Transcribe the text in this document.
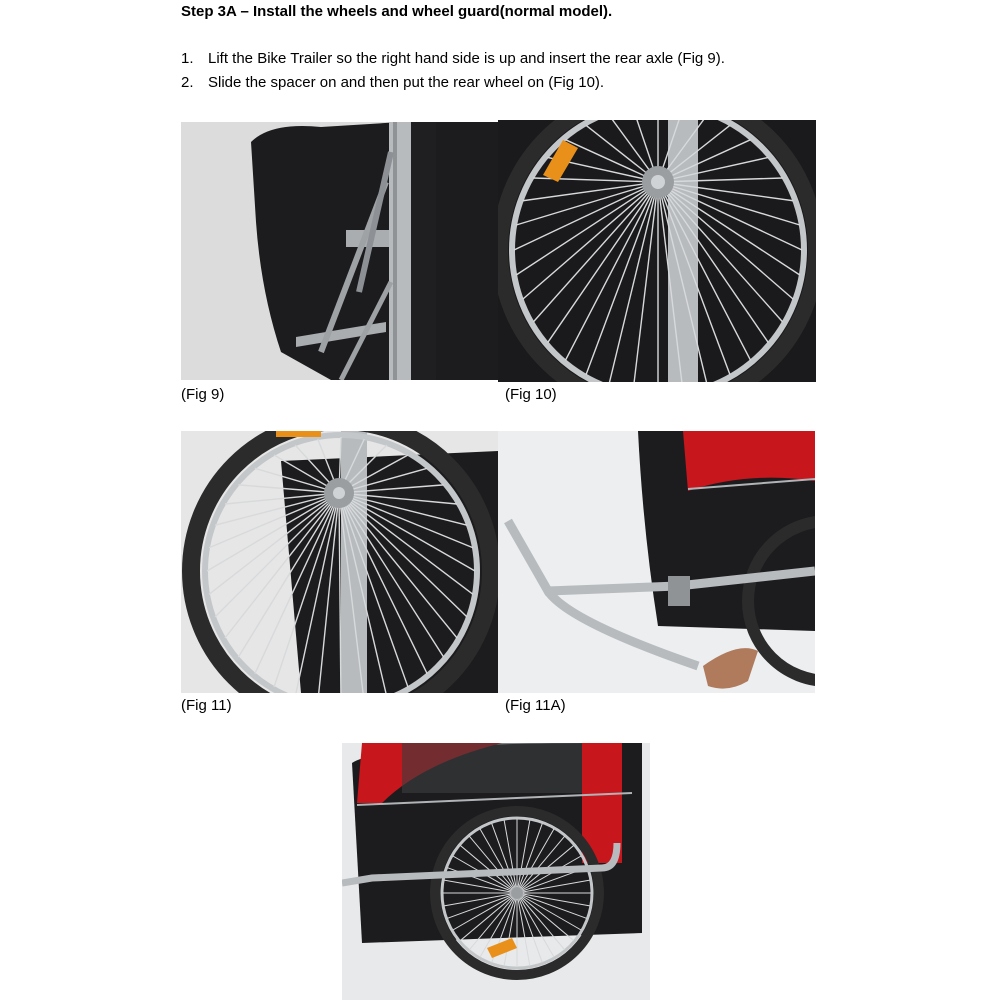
Step 3A – Install the wheels and wheel guard(normal model).
1. Lift the Bike Trailer so the right hand side is up and insert the rear axle (Fig 9).
2. Slide the spacer on and then put the rear wheel on (Fig 10).
(Fig 9)	(Fig 10)
(Fig 11)	(Fig 11A)
